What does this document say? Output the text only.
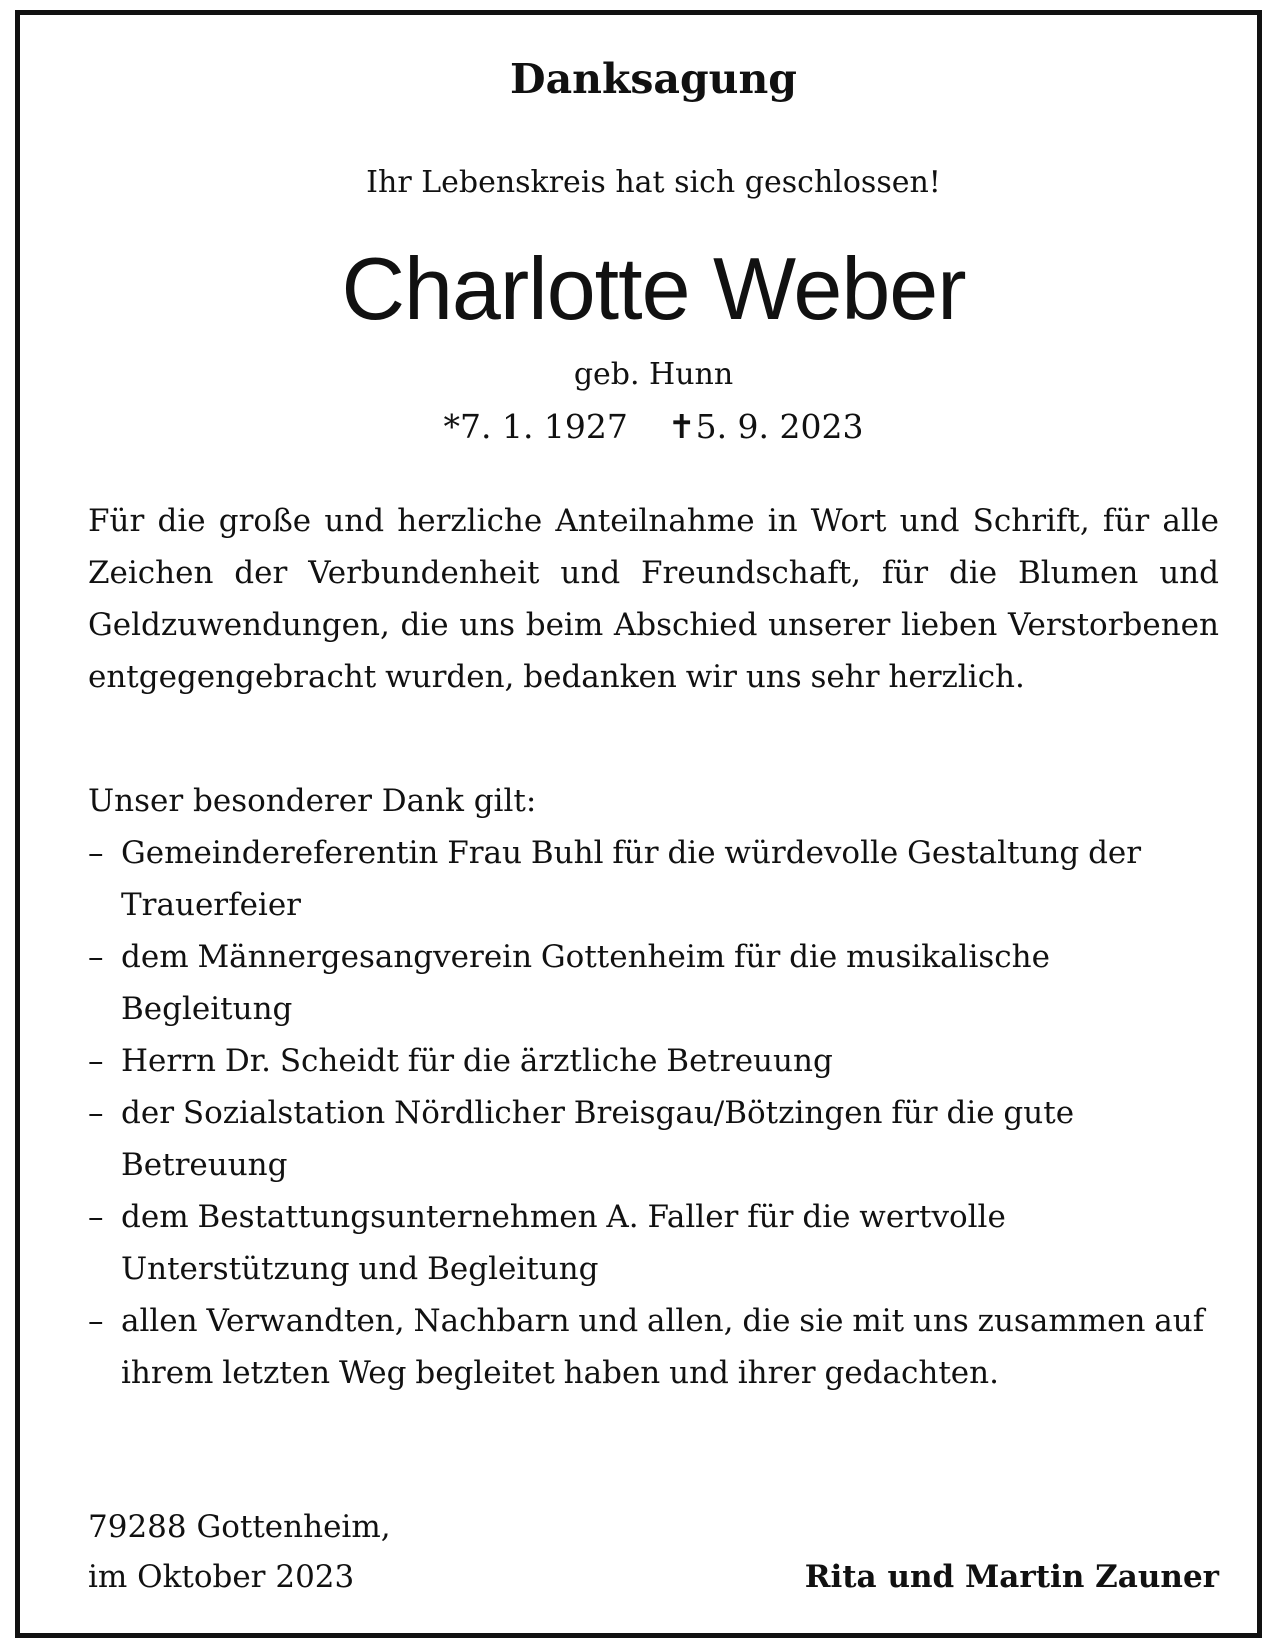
Danksagung

Ihr Lebenskreis hat sich geschlossen!

Charlotte Weber

geb. Hunn

*7. 1. 1927 ✝5. 9. 2023

Für die große und herzliche Anteilnahme in Wort und Schrift, für alle Zeichen der Verbundenheit und Freundschaft, für die Blumen und Geldzuwendungen, die uns beim Abschied unserer lieben Verstorbenen entgegengebracht wurden, bedanken wir uns sehr herzlich.

Unser besonderer Dank gilt:

– Gemeindereferentin Frau Buhl für die würdevolle Gestaltung der Trauerfeier
– dem Männergesangverein Gottenheim für die musikalische Begleitung
– Herrn Dr. Scheidt für die ärztliche Betreuung
– der Sozialstation Nördlicher Breisgau/Bötzingen für die gute Betreuung
– dem Bestattungsunternehmen A. Faller für die wertvolle Unterstützung und Begleitung
– allen Verwandten, Nachbarn und allen, die sie mit uns zusammen auf ihrem letzten Weg begleitet haben und ihrer gedachten.
79288 Gottenheim,
im Oktober 2023	Rita und Martin Zauner
